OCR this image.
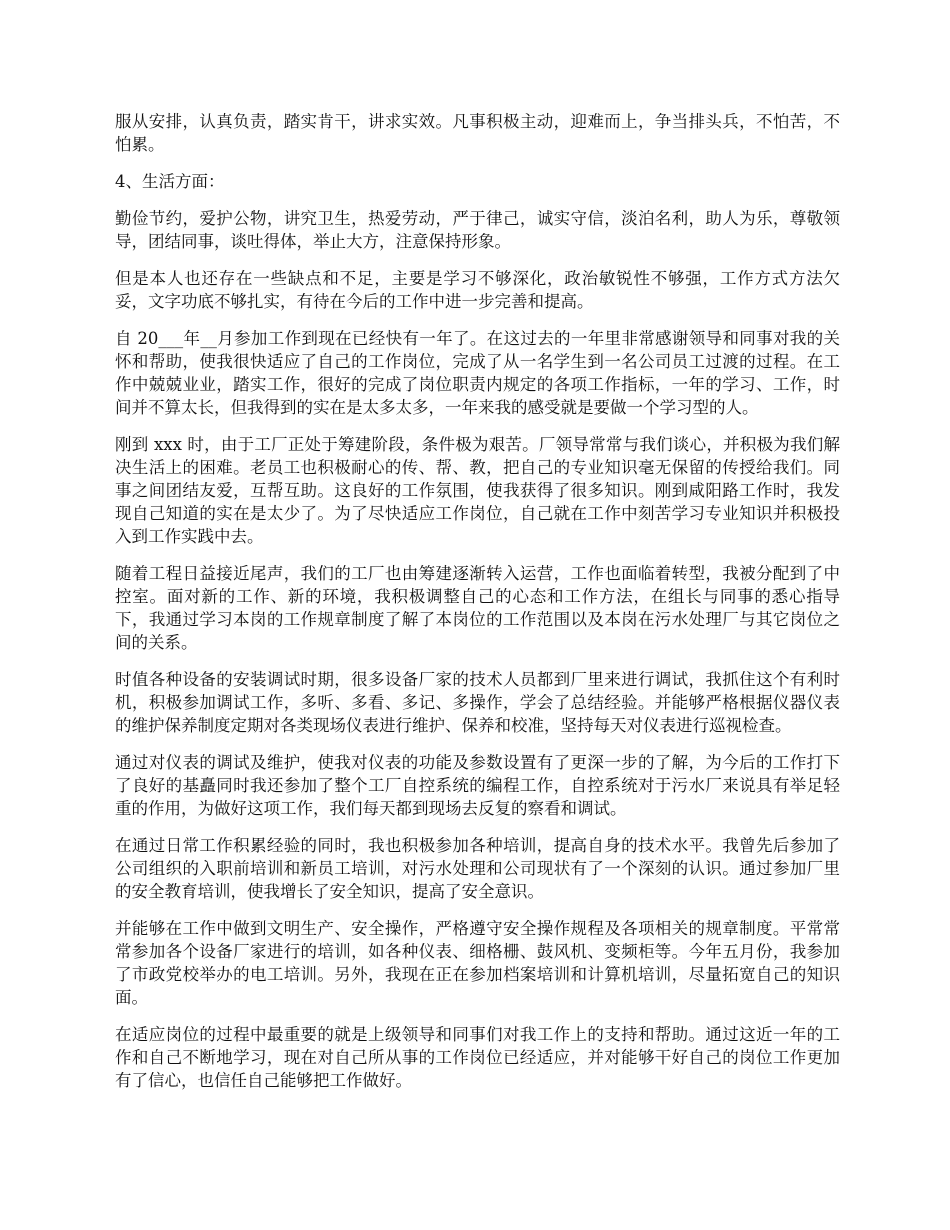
服从安排，认真负责，踏实肯干，讲求实效。凡事积极主动，迎难而上，争当排头兵，不怕苦，不怕累。

4、生活方面：

勤俭节约，爱护公物，讲究卫生，热爱劳动，严于律己，诚实守信，淡泊名利，助人为乐，尊敬领导，团结同事，谈吐得体，举止大方，注意保持形象。

但是本人也还存在一些缺点和不足，主要是学习不够深化，政治敏锐性不够强，工作方式方法欠妥，文字功底不够扎实，有待在今后的工作中进一步完善和提高。

自 20___年__月参加工作到现在已经快有一年了。在这过去的一年里非常感谢领导和同事对我的关怀和帮助，使我很快适应了自己的工作岗位，完成了从一名学生到一名公司员工过渡的过程。在工作中兢兢业业，踏实工作，很好的完成了岗位职责内规定的各项工作指标，一年的学习、工作，时间并不算太长，但我得到的实在是太多太多，一年来我的感受就是要做一个学习型的人。

刚到 xxx 时，由于工厂正处于筹建阶段，条件极为艰苦。厂领导常常与我们谈心，并积极为我们解决生活上的困难。老员工也积极耐心的传、帮、教，把自己的专业知识毫无保留的传授给我们。同事之间团结友爱，互帮互助。这良好的工作氛围，使我获得了很多知识。刚到咸阳路工作时，我发现自己知道的实在是太少了。为了尽快适应工作岗位，自己就在工作中刻苦学习专业知识并积极投入到工作实践中去。

随着工程日益接近尾声，我们的工厂也由筹建逐渐转入运营，工作也面临着转型，我被分配到了中控室。面对新的工作、新的环境，我积极调整自己的心态和工作方法，在组长与同事的悉心指导下，我通过学习本岗的工作规章制度了解了本岗位的工作范围以及本岗在污水处理厂与其它岗位之间的关系。

时值各种设备的安装调试时期，很多设备厂家的技术人员都到厂里来进行调试，我抓住这个有利时机，积极参加调试工作，多听、多看、多记、多操作，学会了总结经验。并能够严格根据仪器仪表的维护保养制度定期对各类现场仪表进行维护、保养和校准，坚持每天对仪表进行巡视检查。

通过对仪表的调试及维护，使我对仪表的功能及参数设置有了更深一步的了解，为今后的工作打下了良好的基矗同时我还参加了整个工厂自控系统的编程工作，自控系统对于污水厂来说具有举足轻重的作用，为做好这项工作，我们每天都到现场去反复的察看和调试。

在通过日常工作积累经验的同时，我也积极参加各种培训，提高自身的技术水平。我曾先后参加了公司组织的入职前培训和新员工培训，对污水处理和公司现状有了一个深刻的认识。通过参加厂里的安全教育培训，使我增长了安全知识，提高了安全意识。

并能够在工作中做到文明生产、安全操作，严格遵守安全操作规程及各项相关的规章制度。平常常常参加各个设备厂家进行的培训，如各种仪表、细格栅、鼓风机、变频柜等。今年五月份，我参加了市政党校举办的电工培训。另外，我现在正在参加档案培训和计算机培训，尽量拓宽自己的知识面。

在适应岗位的过程中最重要的就是上级领导和同事们对我工作上的支持和帮助。通过这近一年的工作和自己不断地学习，现在对自己所从事的工作岗位已经适应，并对能够干好自己的岗位工作更加有了信心，也信任自己能够把工作做好。
